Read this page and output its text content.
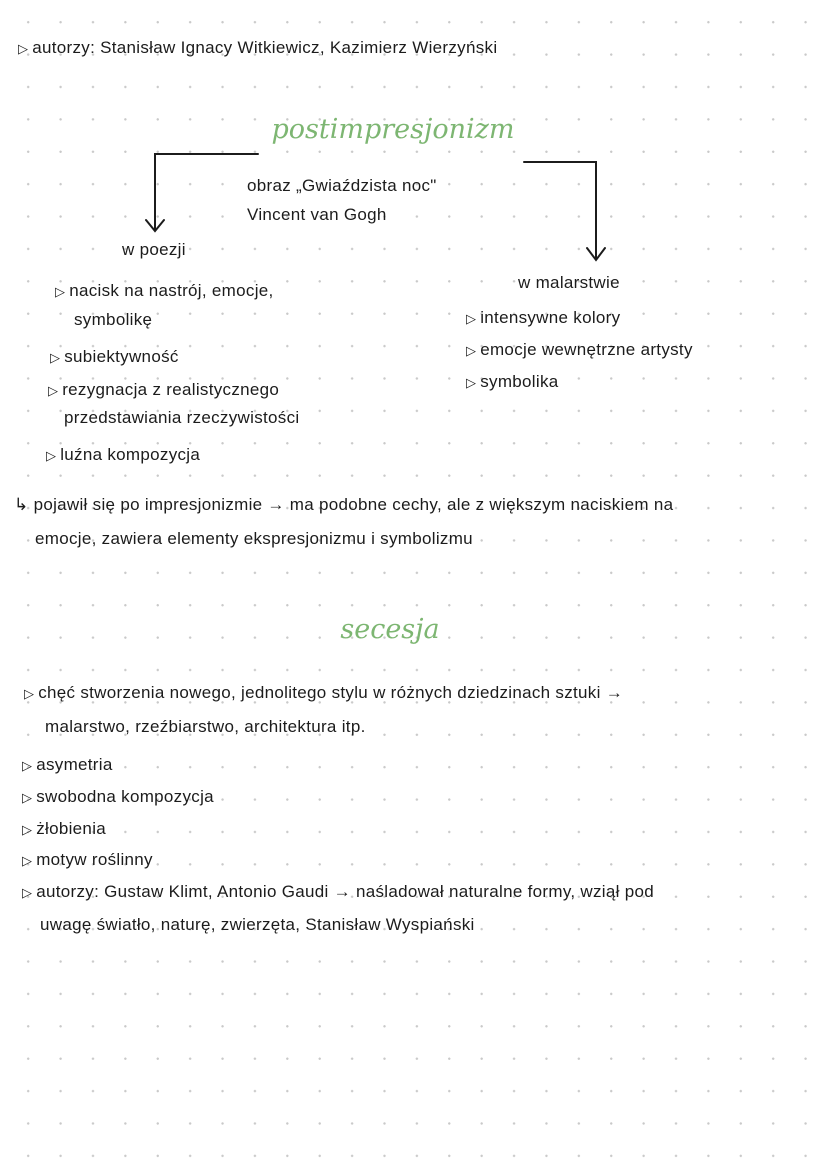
▷ autorzy: Stanisław Ignacy Witkiewicz, Kazimierz Wierzyński
postimpresjonizm
obraz „Gwiaździsta noc"
Vincent van Gogh
w poezji
▷ nacisk na nastrój, emocje,
symbolikę
▷ subiektywność
▷ rezygnacja z realistycznego
przedstawiania rzeczywistości
▷ luźna kompozycja
w malarstwie
▷ intensywne kolory
▷ emocje wewnętrzne artysty
▷ symbolika
↳ pojawił się po impresjonizmie → ma podobne cechy, ale z większym naciskiem na
emocje, zawiera elementy ekspresjonizmu i symbolizmu
secesja
▷ chęć stworzenia nowego, jednolitego stylu w różnych dziedzinach sztuki →
malarstwo, rzeźbiarstwo, architektura itp.
▷ asymetria
▷ swobodna kompozycja
▷ żłobienia
▷ motyw roślinny
▷ autorzy: Gustaw Klimt, Antonio Gaudi → naśladował naturalne formy, wziął pod
uwagę światło, naturę, zwierzęta, Stanisław Wyspiański
